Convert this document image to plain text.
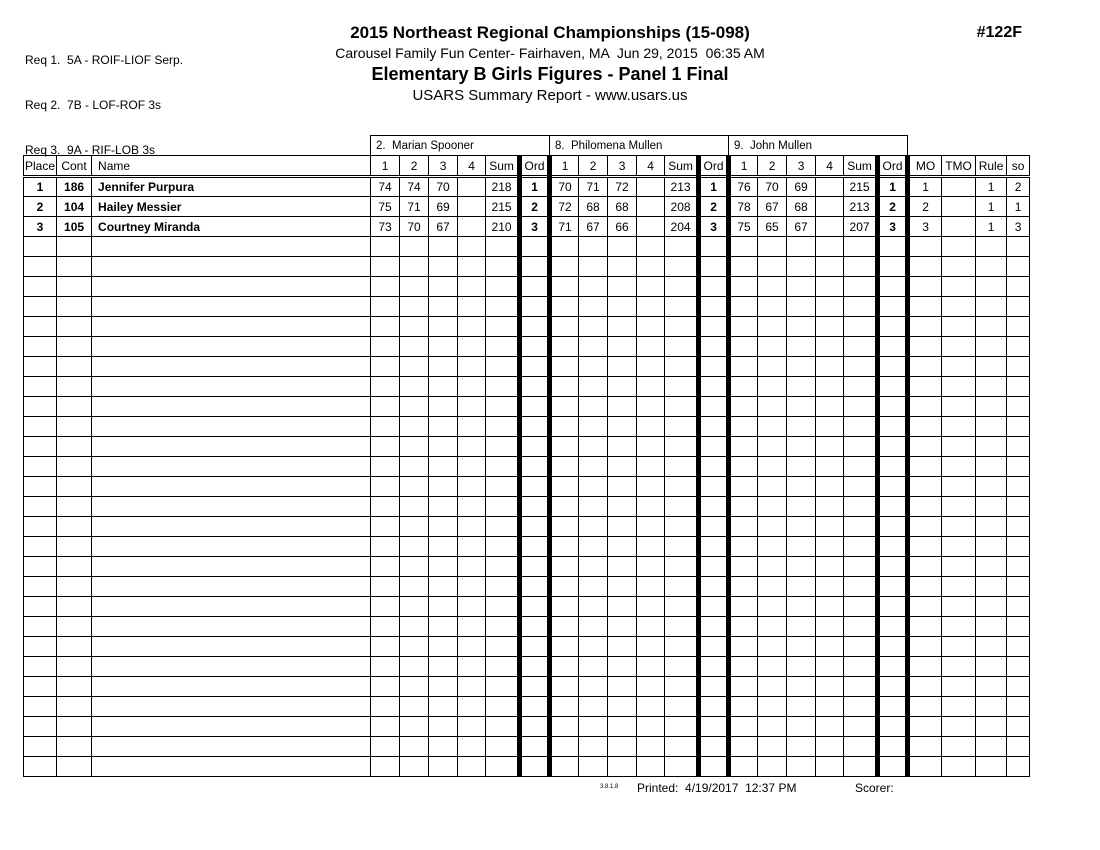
Req 1.  5A - ROIF-LIOF Serp.

Req 2.  7B - LOF-ROF 3s

Req 3.  9A - RIF-LOB 3s

2015 Northeast Regional Championships (15-098)
Carousel Family Fun Center- Fairhaven, MA  Jun 29, 2015  06:35 AM
Elementary B Girls Figures - Panel 1 Final
USARS Summary Report - www.usars.us
#122F
			2.  Marian Spooner						8.  Philomena Mullen						9.  John Mullen									
Place	Cont	Name	1	2	3	4	Sum	Ord	1	2	3	4	Sum	Ord	1	2	3	4	Sum	Ord	MO	TMO	Rule	so
1	186	Jennifer Purpura	74	74	70		218	1	70	71	72		213	1	76	70	69		215	1	1		1	2
2	104	Hailey Messier	75	71	69		215	2	72	68	68		208	2	78	67	68		213	2	2		1	1
3	105	Courtney Miranda	73	70	67		210	3	71	67	66		204	3	75	65	67		207	3	3		1	3

3.8.1.8 Printed:  4/19/2017  12:37 PM	Scorer:
